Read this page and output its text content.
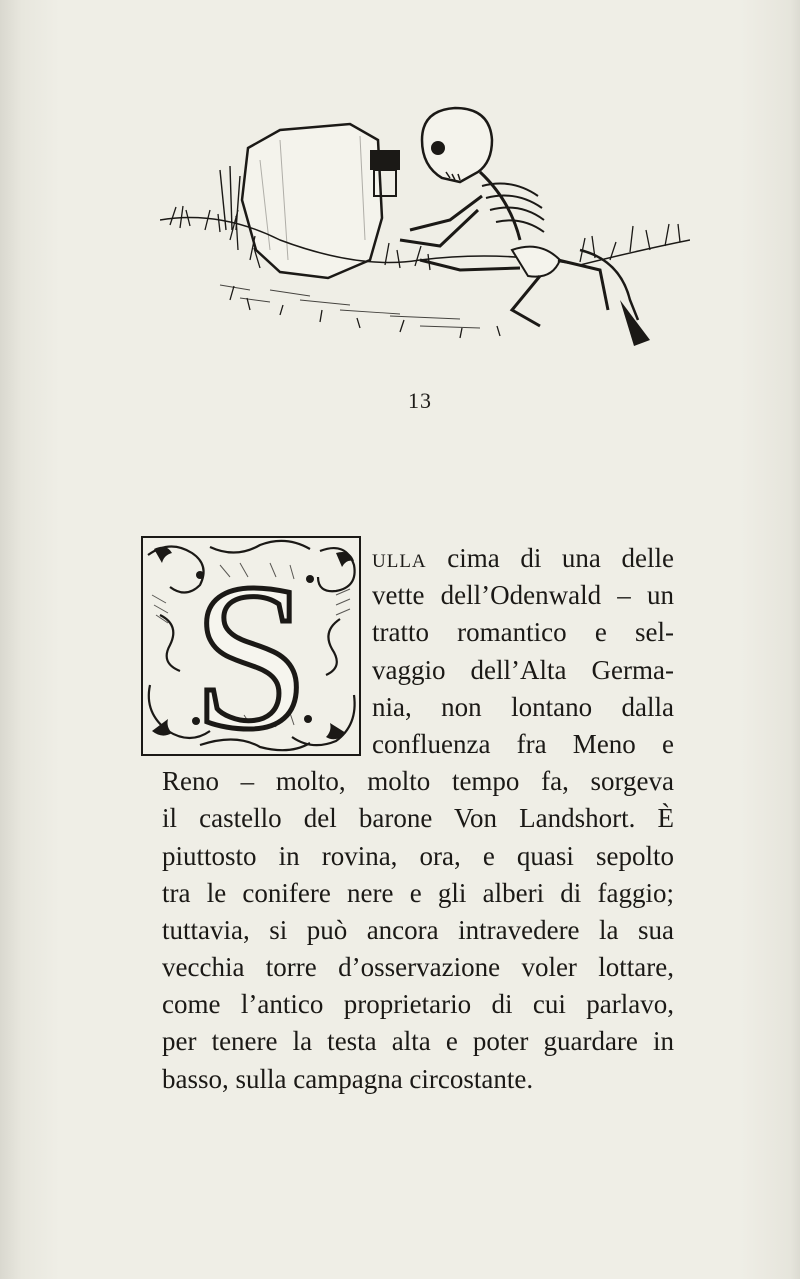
13
S ulla cima di una delle
vette dell’Odenwald – un
tratto romantico e sel-
vaggio dell’Alta Germa-
nia, non lontano dalla
confluenza fra Meno e
Reno – molto, molto tempo fa, sorgeva
il castello del barone Von Landshort. È
piuttosto in rovina, ora, e quasi sepolto
tra le conifere nere e gli alberi di faggio;
tuttavia, si può ancora intravedere la sua
vecchia torre d’osservazione voler lottare,
come l’antico proprietario di cui parlavo,
per tenere la testa alta e poter guardare in
basso, sulla campagna circostante.
